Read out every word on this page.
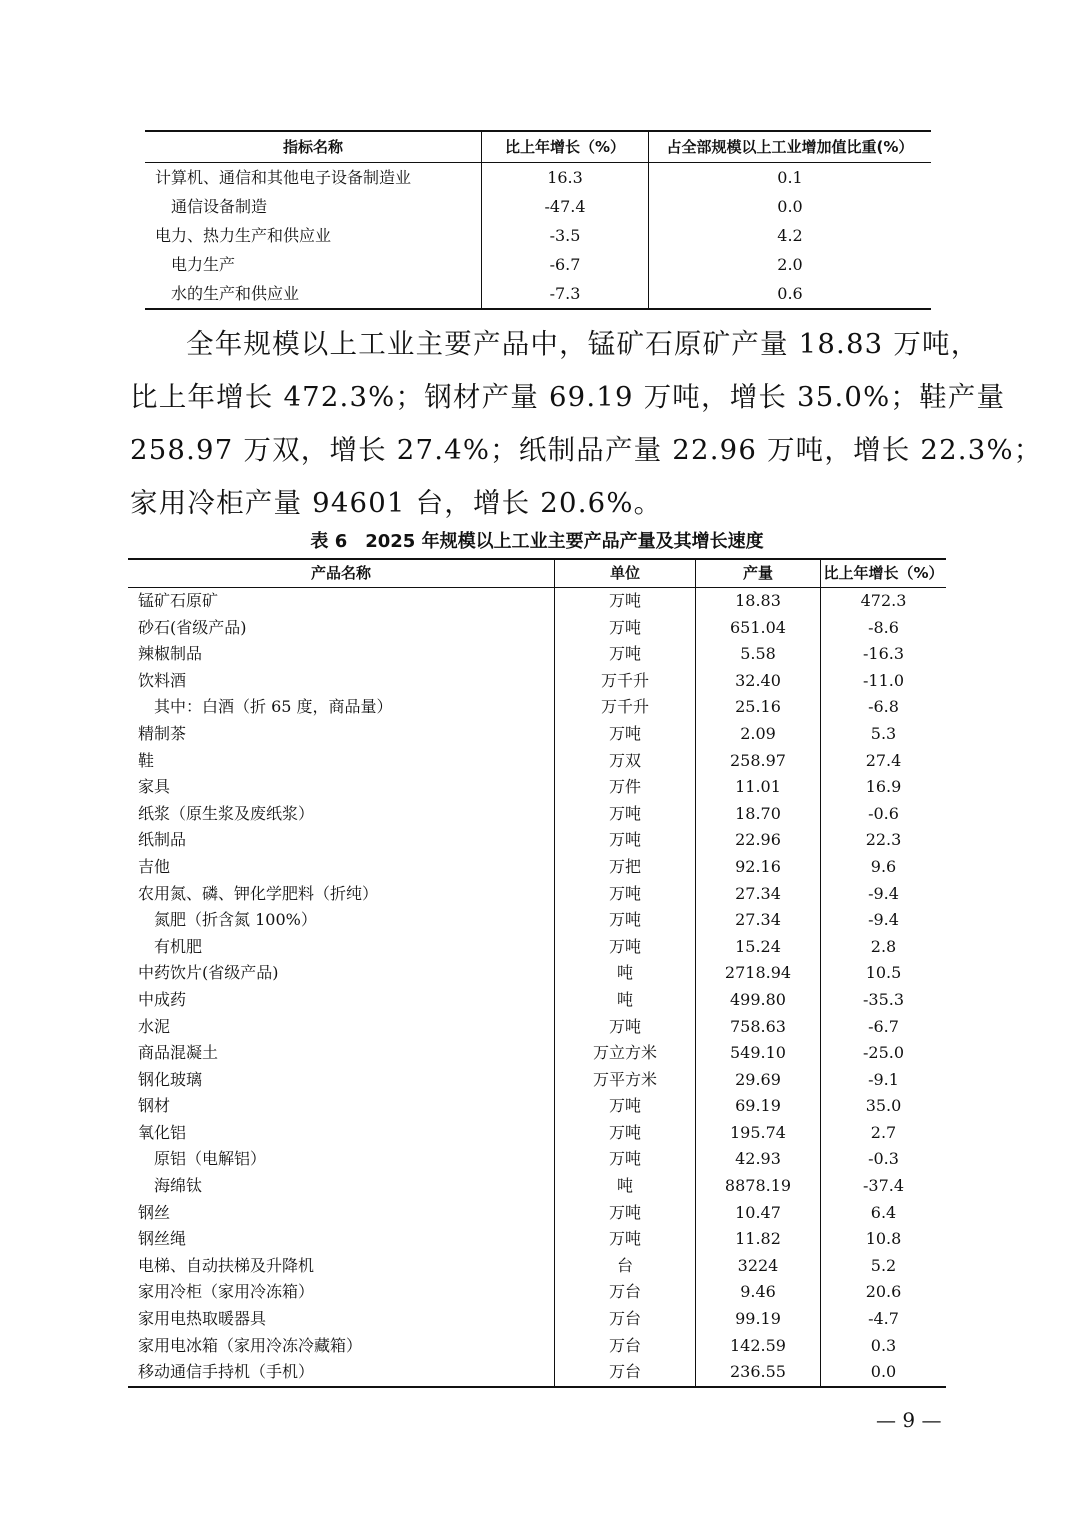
指标名称	比上年增长（%）	占全部规模以上工业增加值比重(%）
计算机、通信和其他电子设备制造业	16.3	0.1
通信设备制造	-47.4	0.0
电力、热力生产和供应业	-3.5	4.2
电力生产	-6.7	2.0
水的生产和供应业	-7.3	0.6

全年规模以上工业主要产品中，锰矿石原矿产量 18.83 万吨，
比上年增长 472.3%；钢材产量 69.19 万吨，增长 35.0%；鞋产量
258.97 万双，增长 27.4%；纸制品产量 22.96 万吨，增长 22.3%；
家用冷柜产量 94601 台，增长 20.6%。

表 6　2025 年规模以上工业主要产品产量及其增长速度
产品名称	单位	产量	比上年增长（%）
锰矿石原矿	万吨	18.83	472.3
砂石(省级产品)	万吨	651.04	-8.6
辣椒制品	万吨	5.58	-16.3
饮料酒	万千升	32.40	-11.0
其中：白酒（折 65 度，商品量）	万千升	25.16	-6.8
精制茶	万吨	2.09	5.3
鞋	万双	258.97	27.4
家具	万件	11.01	16.9
纸浆（原生浆及废纸浆）	万吨	18.70	-0.6
纸制品	万吨	22.96	22.3
吉他	万把	92.16	9.6
农用氮、磷、钾化学肥料（折纯）	万吨	27.34	-9.4
氮肥（折含氮 100%）	万吨	27.34	-9.4
有机肥	万吨	15.24	2.8
中药饮片(省级产品)	吨	2718.94	10.5
中成药	吨	499.80	-35.3
水泥	万吨	758.63	-6.7
商品混凝土	万立方米	549.10	-25.0
钢化玻璃	万平方米	29.69	-9.1
钢材	万吨	69.19	35.0
氧化铝	万吨	195.74	2.7
原铝（电解铝）	万吨	42.93	-0.3
海绵钛	吨	8878.19	-37.4
钢丝	万吨	10.47	6.4
钢丝绳	万吨	11.82	10.8
电梯、自动扶梯及升降机	台	3224	5.2
家用冷柜（家用冷冻箱）	万台	9.46	20.6
家用电热取暖器具	万台	99.19	-4.7
家用电冰箱（家用冷冻冷藏箱）	万台	142.59	0.3
移动通信手持机（手机）	万台	236.55	0.0
— 9 —
